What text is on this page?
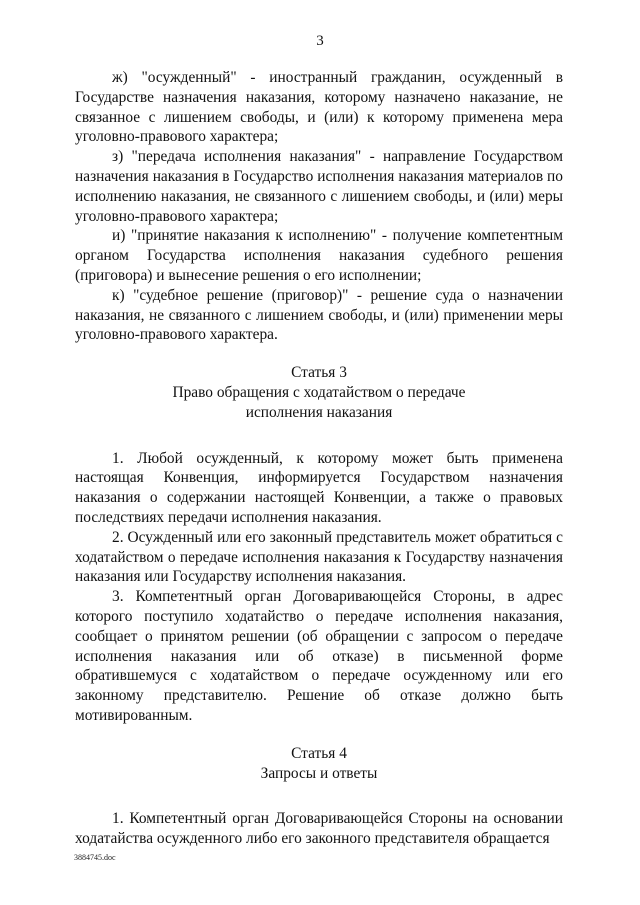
3

ж) "осужденный" - иностранный гражданин, осужденный в Государстве назначения наказания, которому назначено наказание, не связанное с лишением свободы, и (или) к которому применена мера уголовно-правового характера;

з) "передача исполнения наказания" - направление Государством назначения наказания в Государство исполнения наказания материалов по исполнению наказания, не связанного с лишением свободы, и (или) меры уголовно-правового характера;

и) "принятие наказания к исполнению" - получение компетентным органом Государства исполнения наказания судебного решения (приговора) и вынесение решения о его исполнении;

к) "судебное решение (приговор)" - решение суда о назначении наказания, не связанного с лишением свободы, и (или) применении меры уголовно-правового характера.

Статья 3

Право обращения с ходатайством о передаче

исполнения наказания

1. Любой осужденный, к которому может быть применена настоящая Конвенция, информируется Государством назначения наказания о содержании настоящей Конвенции, а также о правовых последствиях передачи исполнения наказания.

2. Осужденный или его законный представитель может обратиться с ходатайством о передаче исполнения наказания к Государству назначения наказания или Государству исполнения наказания.

3. Компетентный орган Договаривающейся Стороны, в адрес которого поступило ходатайство о передаче исполнения наказания, сообщает о принятом решении (об обращении с запросом о передаче исполнения наказания или об отказе) в письменной форме обратившемуся с ходатайством о передаче осужденному или его законному представителю. Решение об отказе должно быть мотивированным.

Статья 4

Запросы и ответы

1. Компетентный орган Договаривающейся Стороны на основании ходатайства осужденного либо его законного представителя обращается

3884745.doc
